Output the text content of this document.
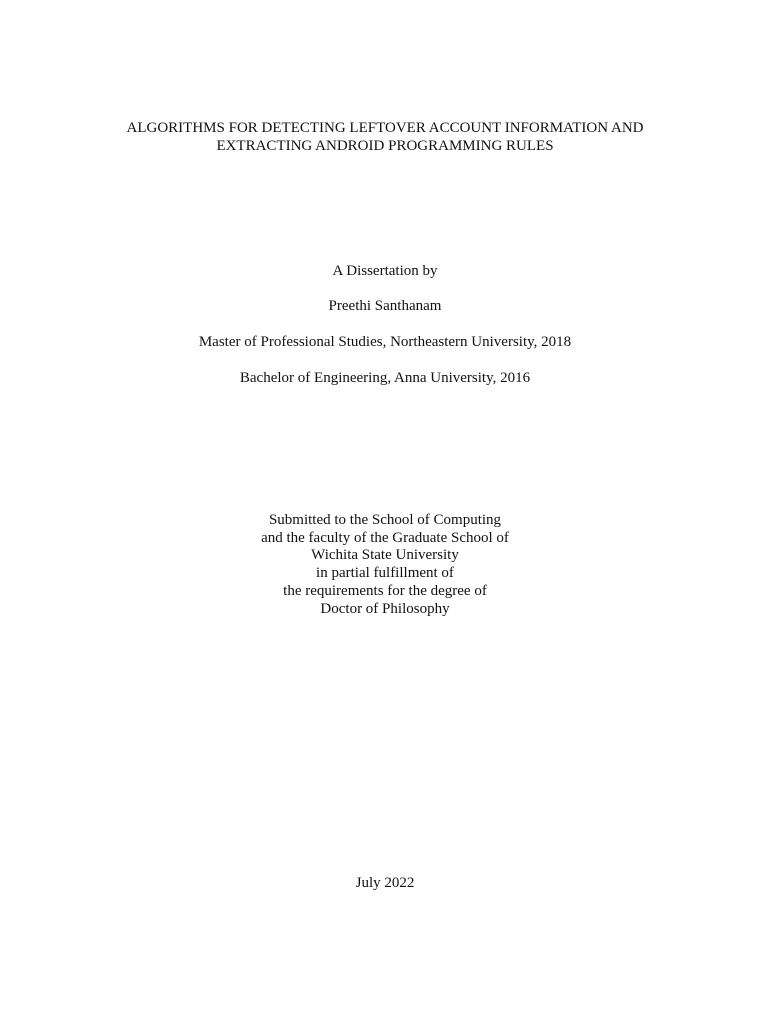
ALGORITHMS FOR DETECTING LEFTOVER ACCOUNT INFORMATION AND
EXTRACTING ANDROID PROGRAMMING RULES
A Dissertation by
Preethi Santhanam
Master of Professional Studies, Northeastern University, 2018
Bachelor of Engineering, Anna University, 2016
Submitted to the School of Computing
and the faculty of the Graduate School of
Wichita State University
in partial fulfillment of
the requirements for the degree of
Doctor of Philosophy
July 2022
